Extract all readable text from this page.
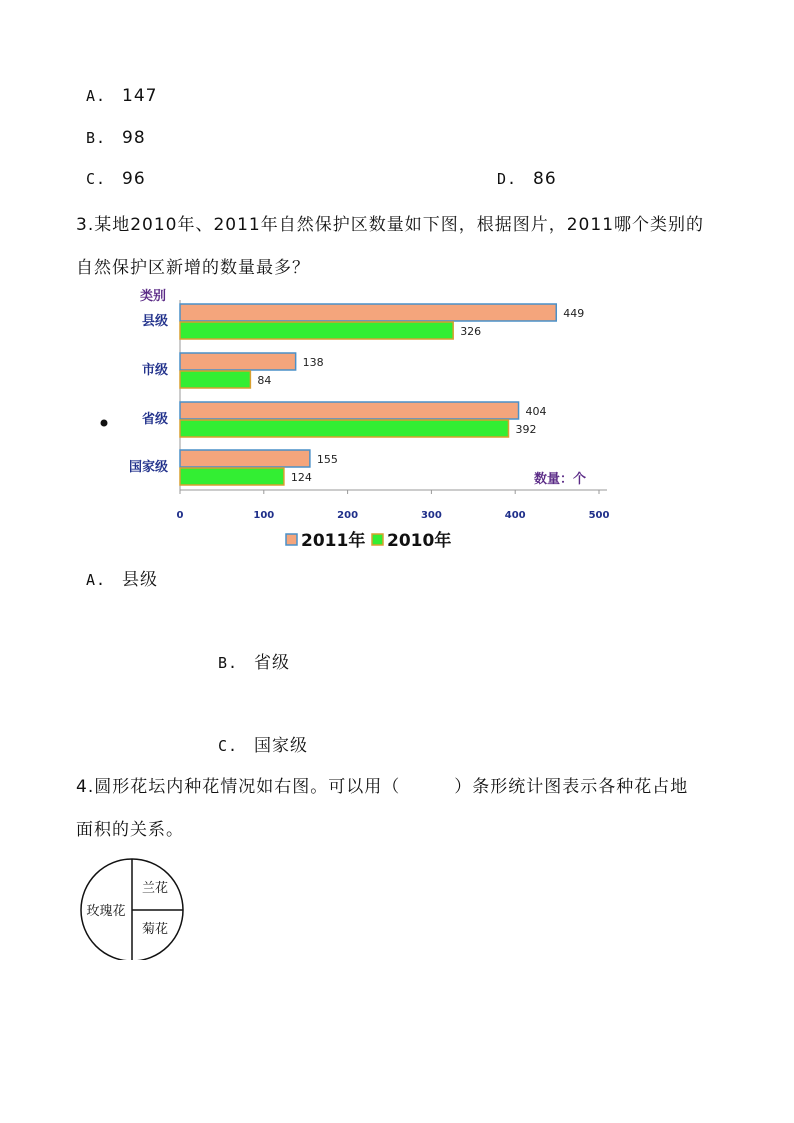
A. 147
B. 98
C. 96	D. 86
3.某地2010年、2011年自然保护区数量如下图，根据图片，2011哪个类别的
自然保护区新增的数量最多？
类别
0	100	200	300	400	500
县级
449
326
市级
138
84
省级
404
392
国家级
155
124	数量：个
2011年 2010年
A. 县级
B. 省级
C. 国家级
4.圆形花坛内种花情况如右图。可以用（　　　）条形统计图表示各种花占地
面积的关系。
玫瑰花
兰花
菊花
